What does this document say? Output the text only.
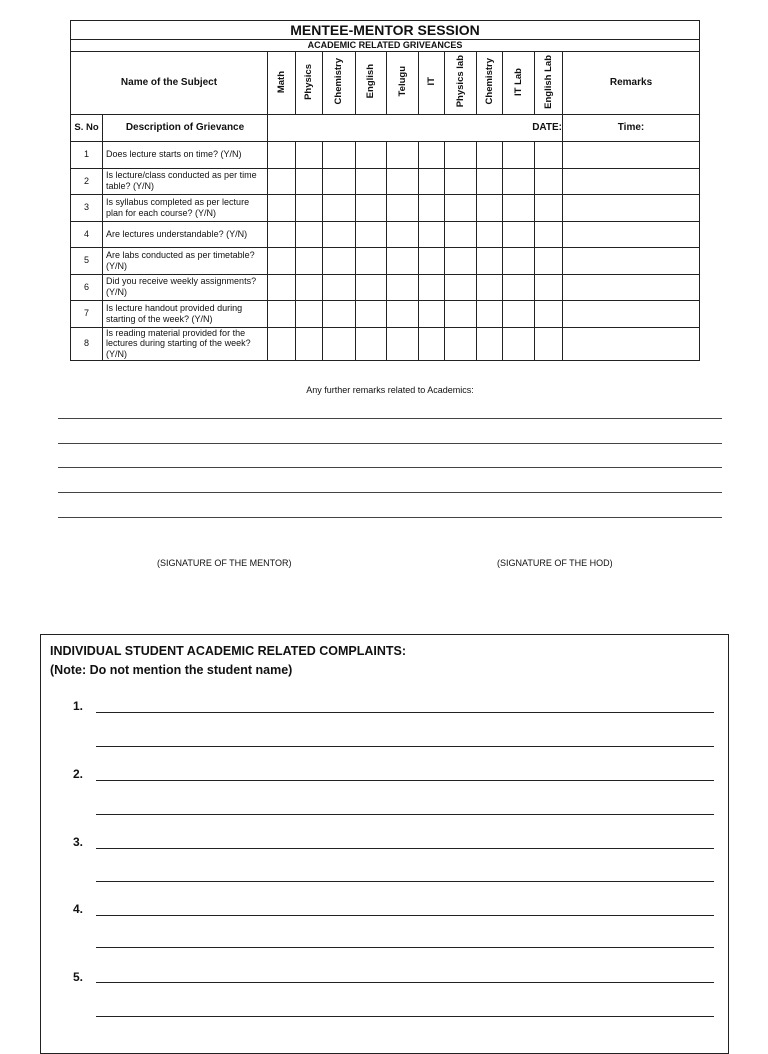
MENTEE-MENTOR SESSION												
ACADEMIC RELATED GRIVEANCES												
Name of the Subject		Math	Physics	Chemistry	English	Telugu	IT	Physics lab	Chemistry	IT Lab	English Lab	Remarks
S. No	Description of Grievance	DATE:										Time:
1	Does lecture starts on time? (Y/N)											
2	Is lecture/class conducted as per time table? (Y/N)											
3	Is syllabus completed as per lecture plan for each course? (Y/N)											
4	Are lectures understandable? (Y/N)											
5	Are labs conducted as per timetable? (Y/N)											
6	Did you receive weekly assignments? (Y/N)											
7	Is lecture handout provided during starting of the week? (Y/N)											
8	Is reading material provided for the lectures during starting of the week? (Y/N)											
Any further remarks related to Academics:
(SIGNATURE OF THE MENTOR)	(SIGNATURE OF THE HOD)
INDIVIDUAL STUDENT ACADEMIC RELATED COMPLAINTS:
(Note: Do not mention the student name)
1.
2.
3.
4.
5.
